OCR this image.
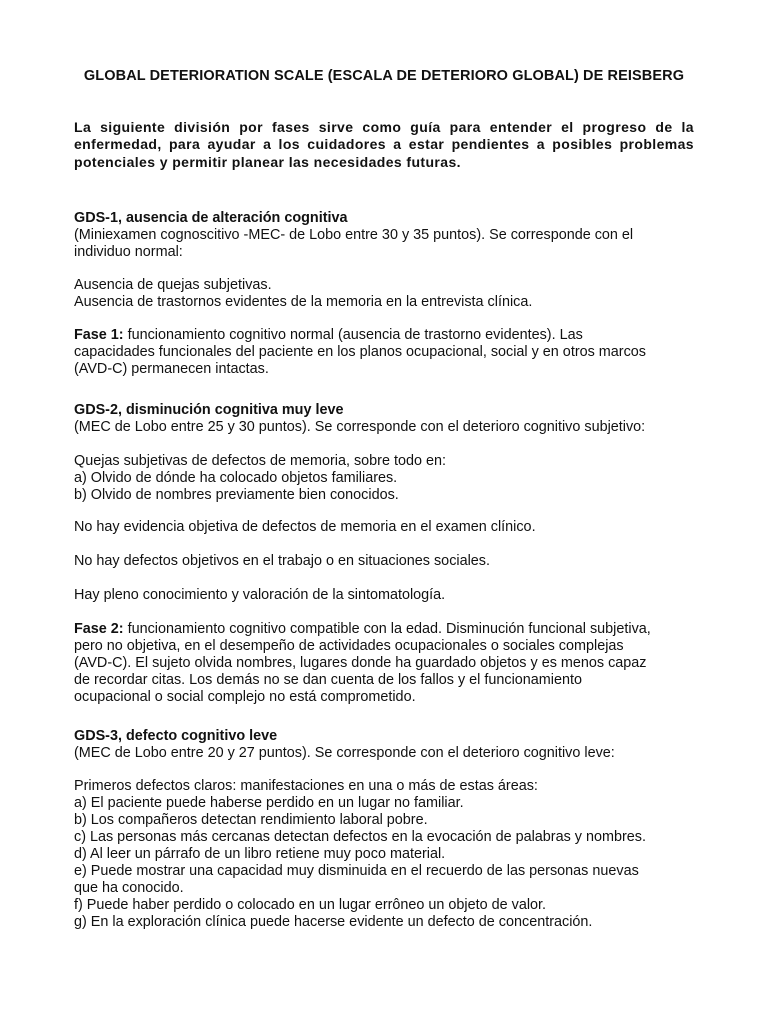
GLOBAL DETERIORATION SCALE (ESCALA DE DETERIORO GLOBAL) DE REISBERG

La siguiente división por fases sirve como guía para entender el progreso de la enfermedad, para ayudar a los cuidadores a estar pendientes a posibles problemas potenciales y permitir planear las necesidades futuras.

GDS-1, ausencia de alteración cognitiva
(Miniexamen cognoscitivo -MEC- de Lobo entre 30 y 35 puntos). Se corresponde con el
individuo normal:
Ausencia de quejas subjetivas.
Ausencia de trastornos evidentes de la memoria en la entrevista clínica.
Fase 1: funcionamiento cognitivo normal (ausencia de trastorno evidentes). Las
capacidades funcionales del paciente en los planos ocupacional, social y en otros marcos
(AVD-C) permanecen intactas.
GDS-2, disminución cognitiva muy leve
(MEC de Lobo entre 25 y 30 puntos). Se corresponde con el deterioro cognitivo subjetivo:
Quejas subjetivas de defectos de memoria, sobre todo en:
a) Olvido de dónde ha colocado objetos familiares.
b) Olvido de nombres previamente bien conocidos.
No hay evidencia objetiva de defectos de memoria en el examen clínico.
No hay defectos objetivos en el trabajo o en situaciones sociales.
Hay pleno conocimiento y valoración de la sintomatología.
Fase 2: funcionamiento cognitivo compatible con la edad. Disminución funcional subjetiva,
pero no objetiva, en el desempeño de actividades ocupacionales o sociales complejas
(AVD-C). El sujeto olvida nombres, lugares donde ha guardado objetos y es menos capaz
de recordar citas. Los demás no se dan cuenta de los fallos y el funcionamiento
ocupacional o social complejo no está comprometido.
GDS-3, defecto cognitivo leve
(MEC de Lobo entre 20 y 27 puntos). Se corresponde con el deterioro cognitivo leve:
Primeros defectos claros: manifestaciones en una o más de estas áreas:
a) El paciente puede haberse perdido en un lugar no familiar.
b) Los compañeros detectan rendimiento laboral pobre.
c) Las personas más cercanas detectan defectos en la evocación de palabras y nombres.
d) Al leer un párrafo de un libro retiene muy poco material.
e) Puede mostrar una capacidad muy disminuida en el recuerdo de las personas nuevas
que ha conocido.
f) Puede haber perdido o colocado en un lugar errôneo un objeto de valor.
g) En la exploración clínica puede hacerse evidente un defecto de concentración.
